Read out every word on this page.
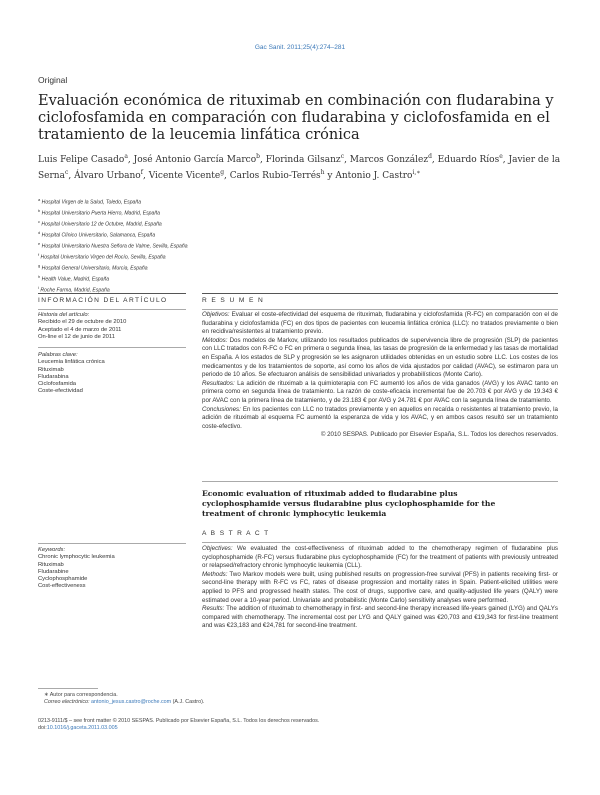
Gac Sanit. 2011;25(4):274–281
Original
Evaluación económica de rituximab en combinación con fludarabina y ciclofosfamida en comparación con fludarabina y ciclofosfamida en el tratamiento de la leucemia linfática crónica
Luis Felipe Casado$^a$, José Antonio García Marco$^b$, Florinda Gilsanz$^c$, Marcos González$^d$, Eduardo Ríos$^e$, Javier de la Serna$^c$, Álvaro Urbano$^f$, Vicente Vicente$^g$, Carlos Rubio-Terrés$^h$ y Antonio J. Castro$^{i,∗}$
$^a$ Hospital Virgen de la Salud, Toledo, España
$^b$ Hospital Universitario Puerta Hierro, Madrid, España
$^c$ Hospital Universitario 12 de Octubre, Madrid, España
$^d$ Hospital Clínico Universitario, Salamanca, España
$^e$ Hospital Universitario Nuestra Señora de Valme, Sevilla, España
$^f$ Hospital Universitario Virgen del Rocío, Sevilla, España
$^g$ Hospital General Universitario, Murcia, España
$^h$ Health Value, Madrid, España
$^i$ Roche Farma, Madrid, España
INFORMACIÓN DEL ARTÍCULO
Historia del artículo:
Recibido el 29 de octubre de 2010
Aceptado el 4 de marzo de 2011
On-line el 12 de junio de 2011
Palabras clave:
Leucemia linfática crónica
Rituximab
Fludarabina
Ciclofosfamida
Coste-efectividad
Keywords:
Chronic lymphocytic leukemia
Rituximab
Fludarabine
Cyclophosphamide
Cost-effectiveness
R E S U M E N
Objetivos: Evaluar el coste-efectividad del esquema de rituximab, fludarabina y ciclofosfamida (R-FC) en comparación con el de fludarabina y ciclofosfamida (FC) en dos tipos de pacientes con leucemia linfática crónica (LLC): no tratados previamente o bien en recidiva/resistentes al tratamiento previo.
Métodos: Dos modelos de Markov, utilizando los resultados publicados de supervivencia libre de progresión (SLP) de pacientes con LLC tratados con R-FC o FC en primera o segunda línea, las tasas de progresión de la enfermedad y las tasas de mortalidad en España. A los estados de SLP y progresión se les asignaron utilidades obtenidas en un estudio sobre LLC. Los costes de los medicamentos y de los tratamientos de soporte, así como los años de vida ajustados por calidad (AVAC), se estimaron para un periodo de 10 años. Se efectuaron análisis de sensibilidad univariados y probabilísticos (Monte Carlo).
Resultados: La adición de rituximab a la quimioterapia con FC aumentó los años de vida ganados (AVG) y los AVAC tanto en primera como en segunda línea de tratamiento. La razón de coste-eficacia incremental fue de 20.703 € por AVG y de 19.343 € por AVAC con la primera línea de tratamiento, y de 23.183 € por AVG y 24.781 € por AVAC con la segunda línea de tratamiento.
Conclusiones: En los pacientes con LLC no tratados previamente y en aquellos en recaída o resistentes al tratamiento previo, la adición de rituximab al esquema FC aumentó la esperanza de vida y los AVAC, y en ambos casos resultó ser un tratamiento coste-efectivo.
© 2010 SESPAS. Publicado por Elsevier España, S.L. Todos los derechos reservados.
Economic evaluation of rituximab added to fludarabine plus cyclophosphamide versus fludarabine plus cyclophosphamide for the treatment of chronic lymphocytic leukemia
A B S T R A C T
Objectives: We evaluated the cost-effectiveness of rituximab added to the chemotherapy regimen of fludarabine plus cyclophosphamide (R-FC) versus fludarabine plus cyclophosphamide (FC) for the treatment of patients with previously untreated or relapsed/refractory chronic lymphocytic leukemia (CLL).
Methods: Two Markov models were built, using published results on progression-free survival (PFS) in patients receiving first- or second-line therapy with R-FC vs FC, rates of disease progression and mortality rates in Spain. Patient-elicited utilities were applied to PFS and progressed health states. The cost of drugs, supportive care, and quality-adjusted life years (QALY) were estimated over a 10-year period. Univariate and probabilistic (Monte Carlo) sensitivity analyses were performed.
Results: The addition of rituximab to chemotherapy in first- and second-line therapy increased life-years gained (LYG) and QALYs compared with chemotherapy. The incremental cost per LYG and QALY gained was €20,703 and €19,343 for first-line treatment and was €23,183 and €24,781 for second-line treatment.
∗ Autor para correspondencia.
Correo electrónico: antonio_jesus.castro@roche.com (A.J. Castro).
0213-9111/$ – see front matter © 2010 SESPAS. Publicado por Elsevier España, S.L. Todos los derechos reservados.
doi:10.1016/j.gaceta.2011.03.005
